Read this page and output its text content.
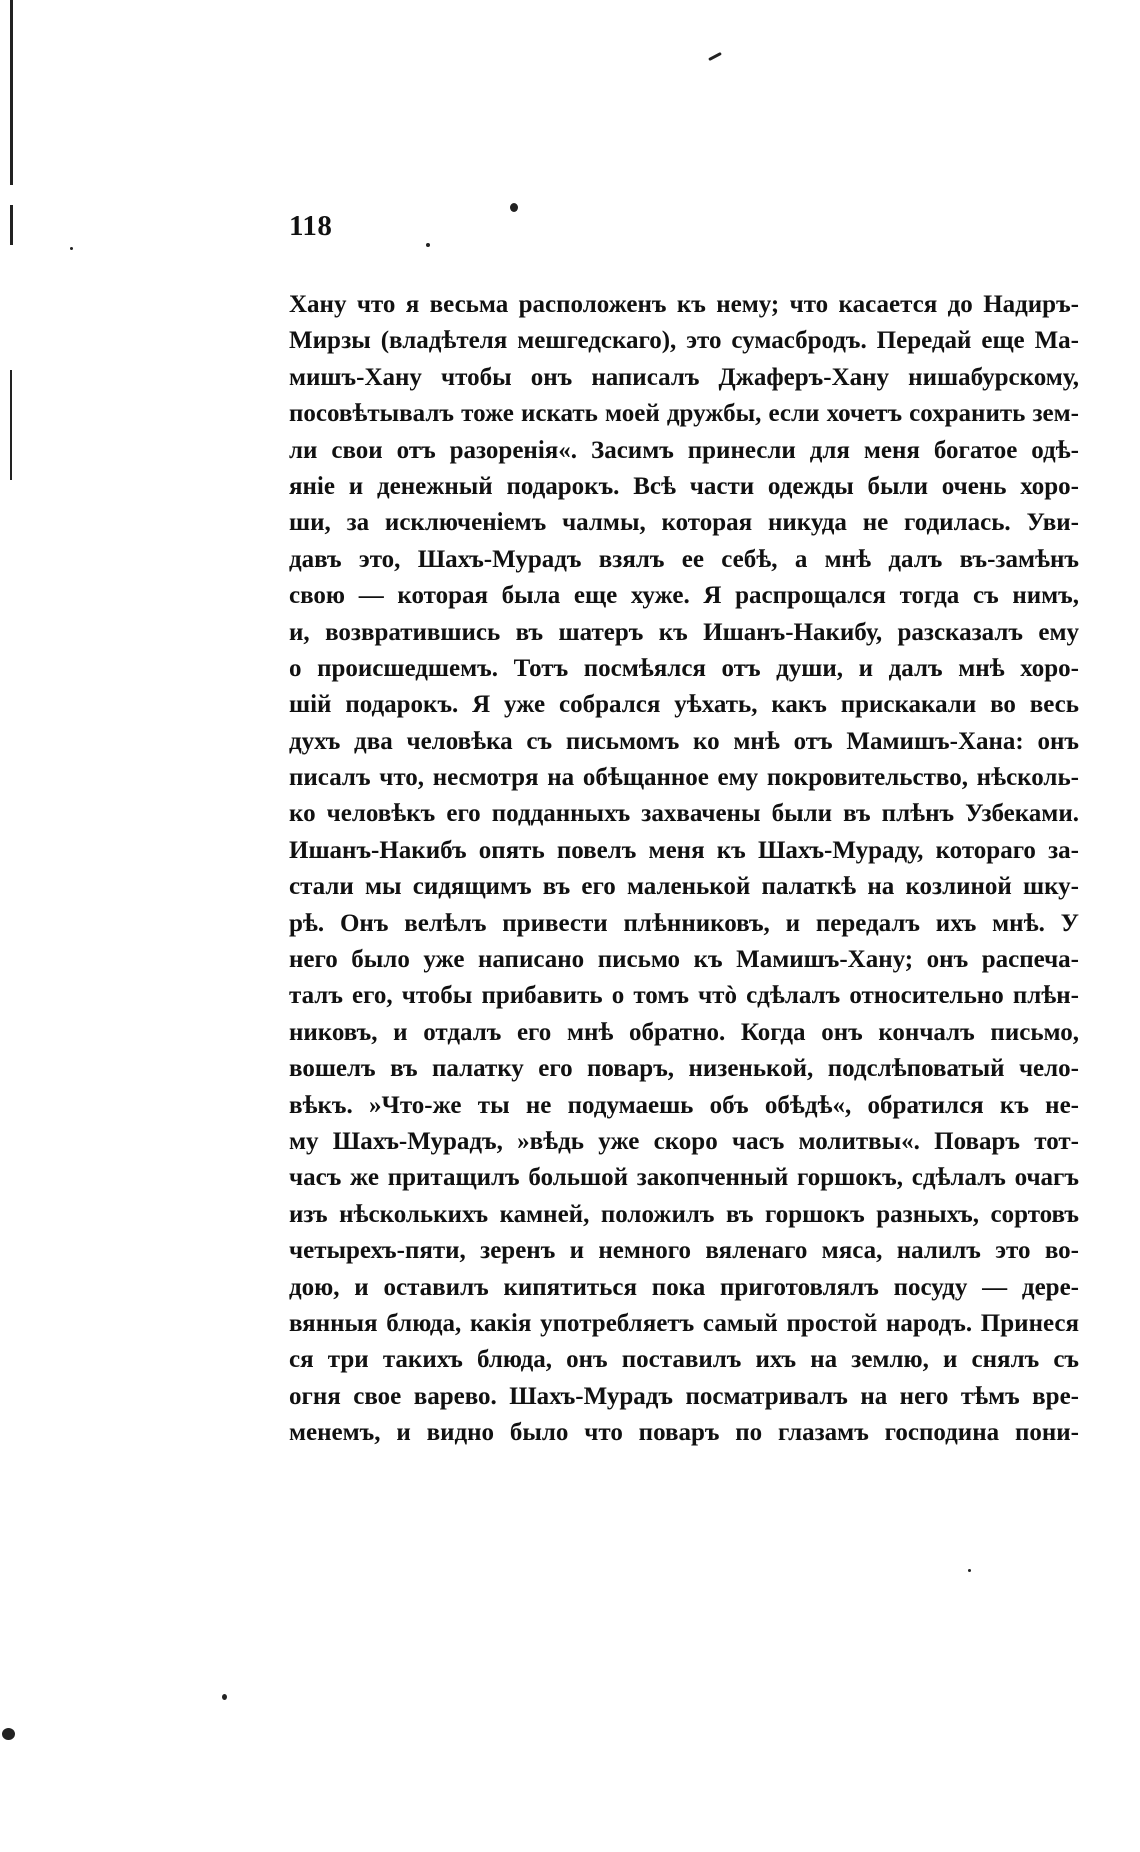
118
Хану что я весьма расположенъ къ нему; что касается до Надиръ-
Мирзы (владѣтеля мешгедскаго), это сумасбродъ. Передай еще Ма-
мишъ-Хану чтобы онъ написалъ Джаферъ-Хану нишабурскому,
посовѣтывалъ тоже искать моей дружбы, если хочетъ сохранить зем-
ли свои отъ разоренія«. Засимъ принесли для меня богатое одѣ-
яніе и денежный подарокъ. Всѣ части одежды были очень хоро-
ши, за исключеніемъ чалмы, которая никуда не годилась. Уви-
давъ это, Шахъ-Мурадъ взялъ ее себѣ, а мнѣ далъ въ-замѣнъ
свою — которая была еще хуже. Я распрощался тогда съ нимъ,
и, возвратившись въ шатеръ къ Ишанъ-Накибу, разсказалъ ему
о происшедшемъ. Тотъ посмѣялся отъ души, и далъ мнѣ хоро-
шій подарокъ. Я уже собрался уѣхать, какъ прискакали во весь
духъ два человѣка съ письмомъ ко мнѣ отъ Мамишъ-Хана: онъ
писалъ что, несмотря на обѣщанное ему покровительство, нѣсколь-
ко человѣкъ его подданныхъ захвачены были въ плѣнъ Узбеками.
Ишанъ-Накибъ опять повелъ меня къ Шахъ-Мураду, котораго за-
стали мы сидящимъ въ его маленькой палаткѣ на козлиной шку-
рѣ. Онъ велѣлъ привести плѣнниковъ, и передалъ ихъ мнѣ. У
него было уже написано письмо къ Мамишъ-Хану; онъ распеча-
талъ его, чтобы прибавить о томъ чтò сдѣлалъ относительно плѣн-
никовъ, и отдалъ его мнѣ обратно. Когда онъ кончалъ письмо,
вошелъ въ палатку его поваръ, низенькой, подслѣповатый чело-
вѣкъ. »Что-же ты не подумаешь объ обѣдѣ«, обратился къ не-
му Шахъ-Мурадъ, »вѣдь уже скоро часъ молитвы«. Поваръ тот-
часъ же притащилъ большой закопченный горшокъ, сдѣлалъ очагъ
изъ нѣсколькихъ камней, положилъ въ горшокъ разныхъ, сортовъ
четырехъ-пяти, зеренъ и немного вяленаго мяса, налилъ это во-
дою, и оставилъ кипятиться пока приготовлялъ посуду — дере-
вянныя блюда, какія употребляетъ самый простой народъ. Принеся
ся три такихъ блюда, онъ поставилъ ихъ на землю, и снялъ съ
огня свое варево. Шахъ-Мурадъ посматривалъ на него тѣмъ вре-
менемъ, и видно было что поваръ по глазамъ господина пони-
